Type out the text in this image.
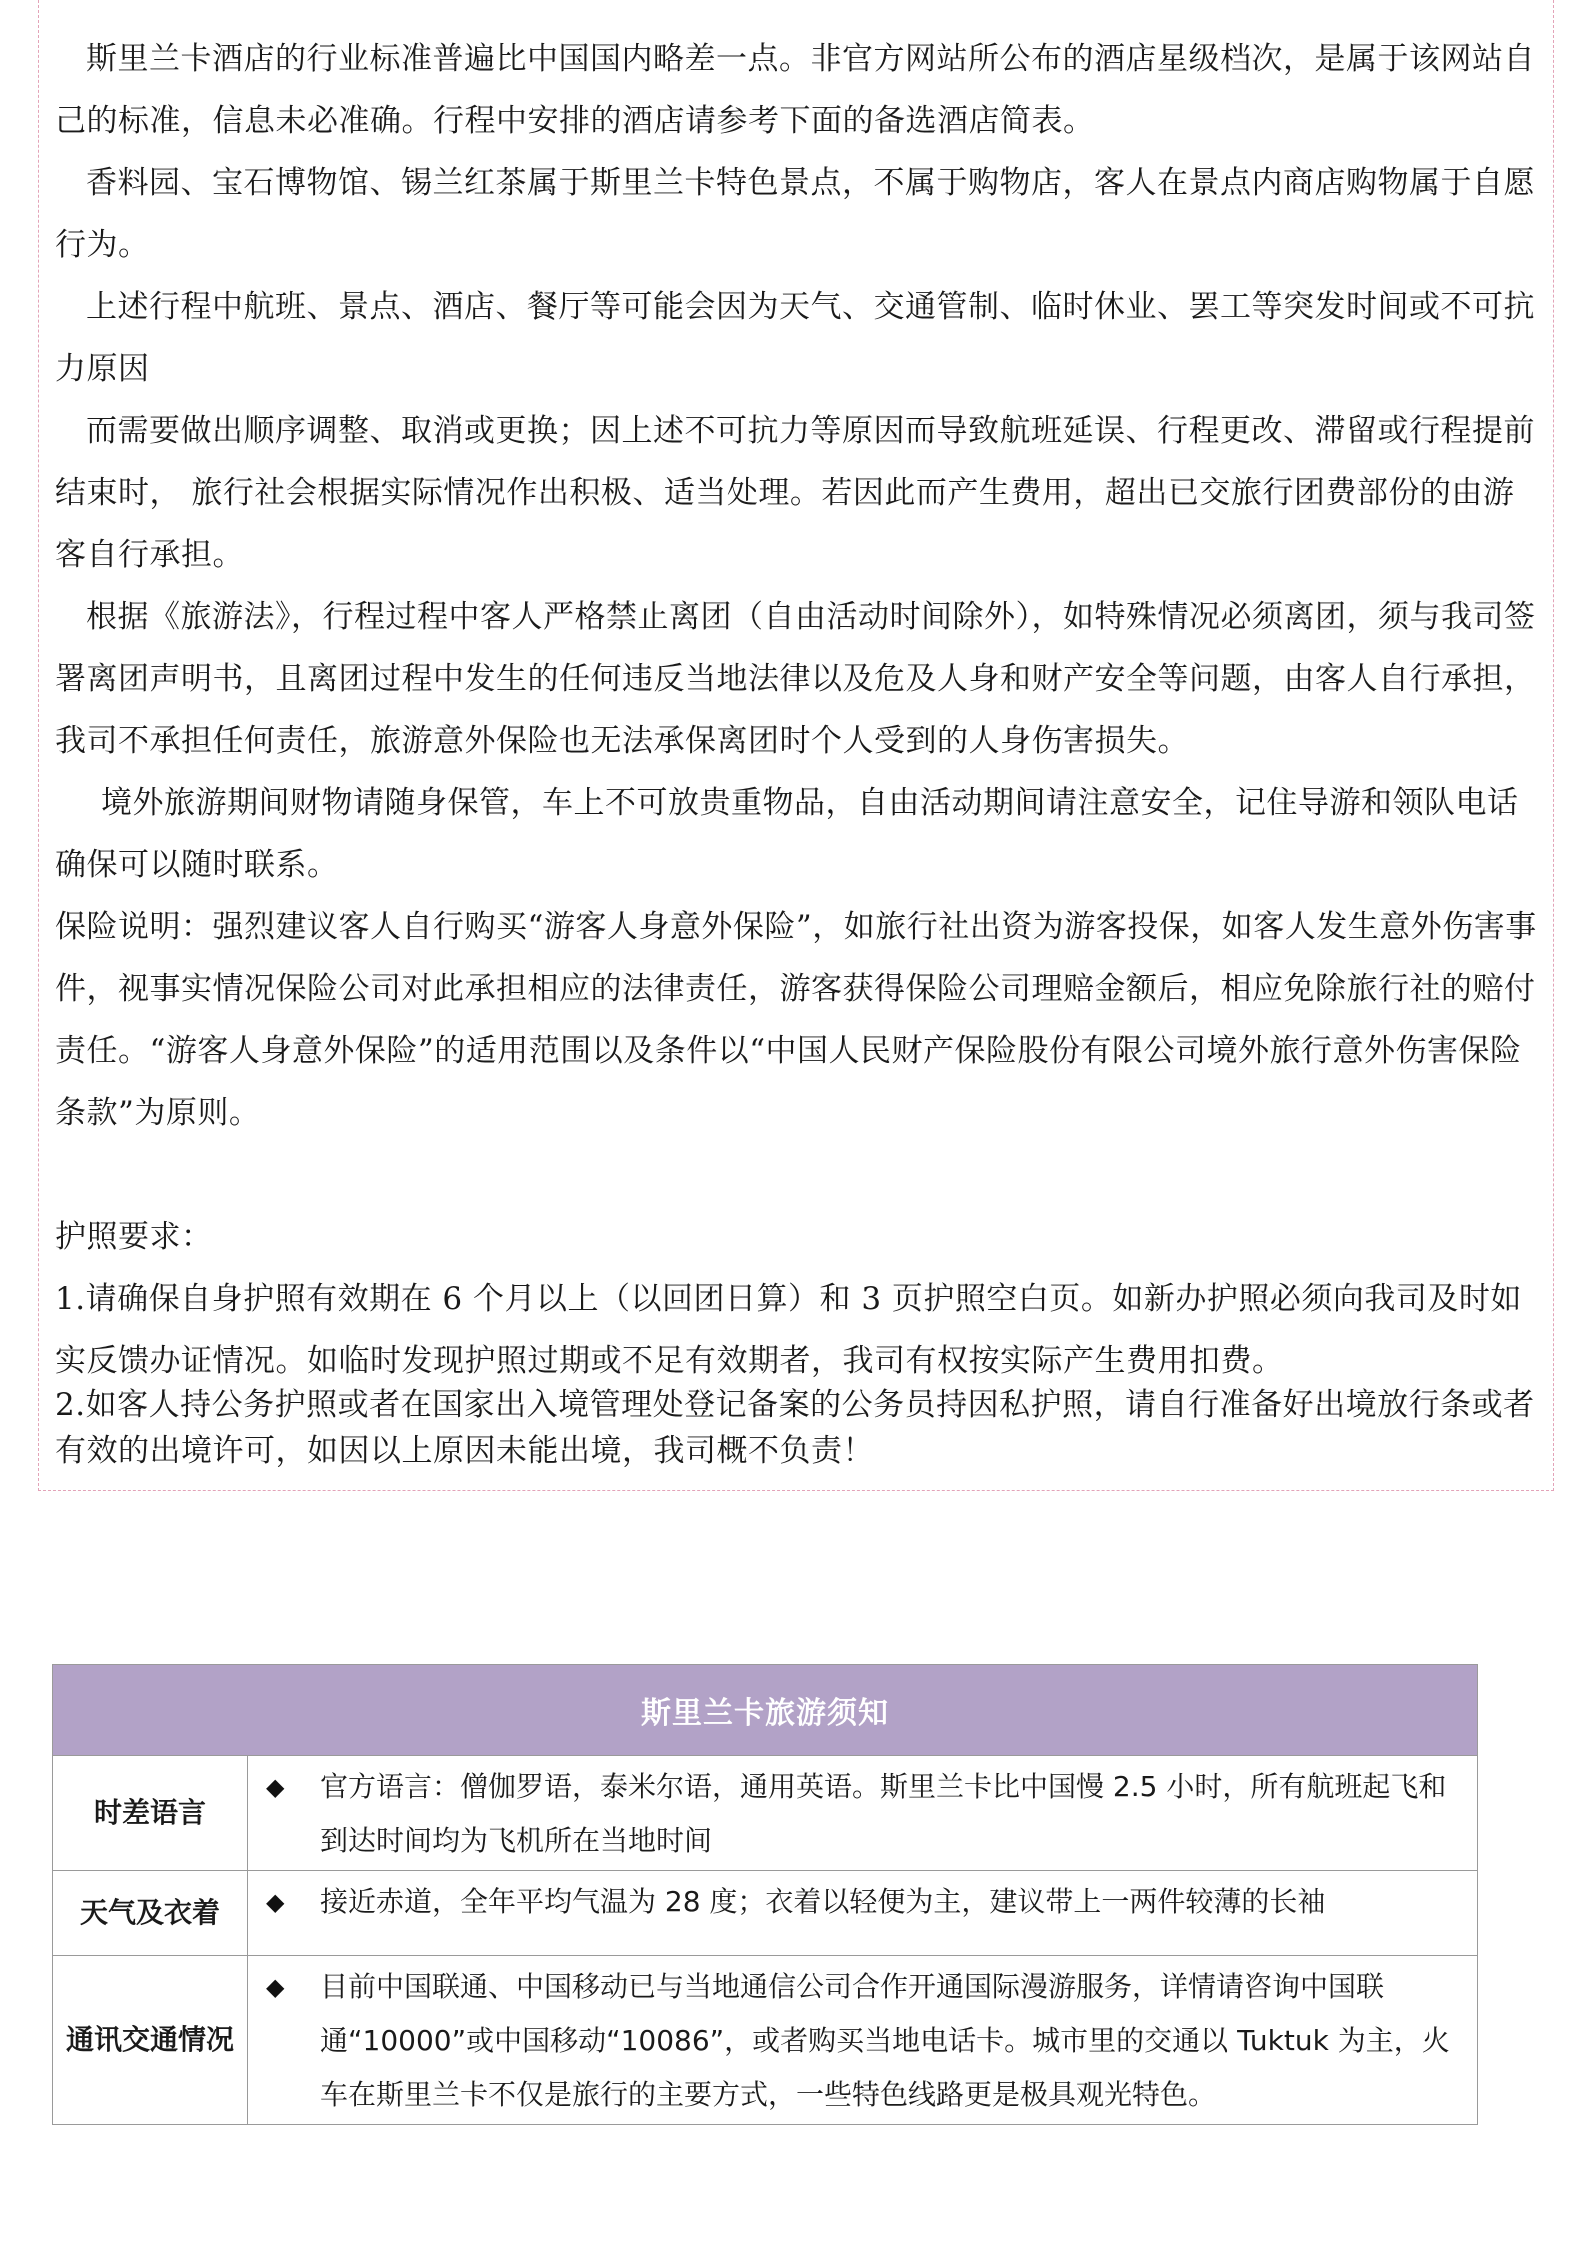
斯里兰卡酒店的行业标准普遍比中国国内略差一点。非官方网站所公布的酒店星级档次，是属于该网站自己的标准，信息未必准确。行程中安排的酒店请参考下面的备选酒店简表。

香料园、宝石博物馆、锡兰红茶属于斯里兰卡特色景点，不属于购物店，客人在景点内商店购物属于自愿行为。

上述行程中航班、景点、酒店、餐厅等可能会因为天气、交通管制、临时休业、罢工等突发时间或不可抗力原因

而需要做出顺序调整、取消或更换；因上述不可抗力等原因而导致航班延误、行程更改、滞留或行程提前结束时， 旅行社会根据实际情况作出积极、适当处理。若因此而产生费用，超出已交旅行团费部份的由游客自行承担。

根据《旅游法》，行程过程中客人严格禁止离团（自由活动时间除外），如特殊情况必须离团，须与我司签署离团声明书，且离团过程中发生的任何违反当地法律以及危及人身和财产安全等问题，由客人自行承担，我司不承担任何责任，旅游意外保险也无法承保离团时个人受到的人身伤害损失。

境外旅游期间财物请随身保管，车上不可放贵重物品，自由活动期间请注意安全，记住导游和领队电话确保可以随时联系。

保险说明：强烈建议客人自行购买“游客人身意外保险”，如旅行社出资为游客投保，如客人发生意外伤害事件，视事实情况保险公司对此承担相应的法律责任，游客获得保险公司理赔金额后，相应免除旅行社的赔付责任。“游客人身意外保险”的适用范围以及条件以“中国人民财产保险股份有限公司境外旅行意外伤害保险条款”为原则。

护照要求：

1.请确保自身护照有效期在 6 个月以上（以回团日算）和 3 页护照空白页。如新办护照必须向我司及时如实反馈办证情况。如临时发现护照过期或不足有效期者，我司有权按实际产生费用扣费。

2.如客人持公务护照或者在国家出入境管理处登记备案的公务员持因私护照，请自行准备好出境放行条或者有效的出境许可，如因以上原因未能出境，我司概不负责！

斯里兰卡旅游须知	
时差语言	◆ 官方语言：僧伽罗语，泰米尔语，通用英语。斯里兰卡比中国慢 2.5 小时，所有航班起飞和到达时间均为飞机所在当地时间

天气及衣着	◆ 接近赤道，全年平均气温为 28 度；衣着以轻便为主，建议带上一两件较薄的长袖

通讯交通情况	◆ 目前中国联通、中国移动已与当地通信公司合作开通国际漫游服务，详情请咨询中国联通“10000”或中国移动“10086”，或者购买当地电话卡。城市里的交通以 Tuktuk 为主，火车在斯里兰卡不仅是旅行的主要方式，一些特色线路更是极具观光特色。
